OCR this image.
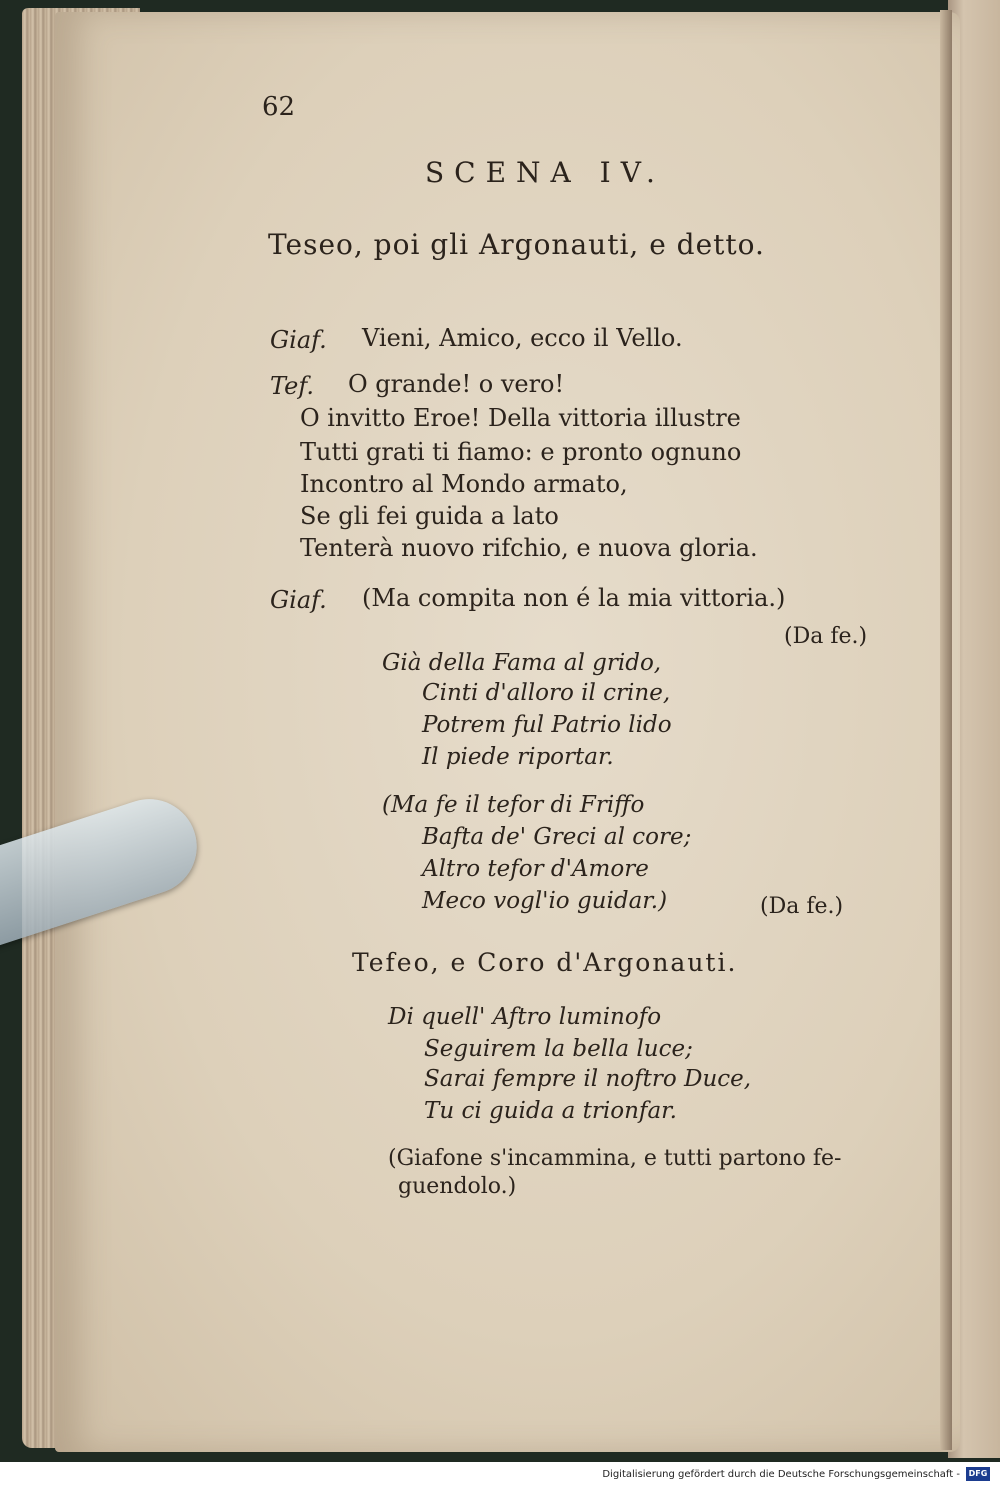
62
SCENA IV.
Teseo, poi gli Argonauti, e detto.
Giaf. Vieni, Amico, ecco il Vello.
Tef. O grande! o vero!
O invitto Eroe! Della vittoria illustre
Tutti grati ti fiamo: e pronto ognuno
Incontro al Mondo armato,
Se gli fei guida a lato
Tenterà nuovo rifchio, e nuova gloria.
Giaf. (Ma compita non é la mia vittoria.)
(Da fe.)
Già della Fama al grido,
Cinti d'alloro il crine,
Potrem ful Patrio lido
Il piede riportar.
(Ma fe il tefor di Friffo
Bafta de' Greci al core;
Altro tefor d'Amore
Meco vogl'io guidar.)	(Da fe.)
Tefeo, e Coro d'Argonauti.
Di quell' Aftro luminofo
Seguirem la bella luce;
Sarai fempre il noftro Duce,
Tu ci guida a trionfar.
(Giafone s'incammina, e tutti partono fe-
guendolo.)
Digitalisierung gefördert durch die Deutsche Forschungsgemeinschaft -	DFG
